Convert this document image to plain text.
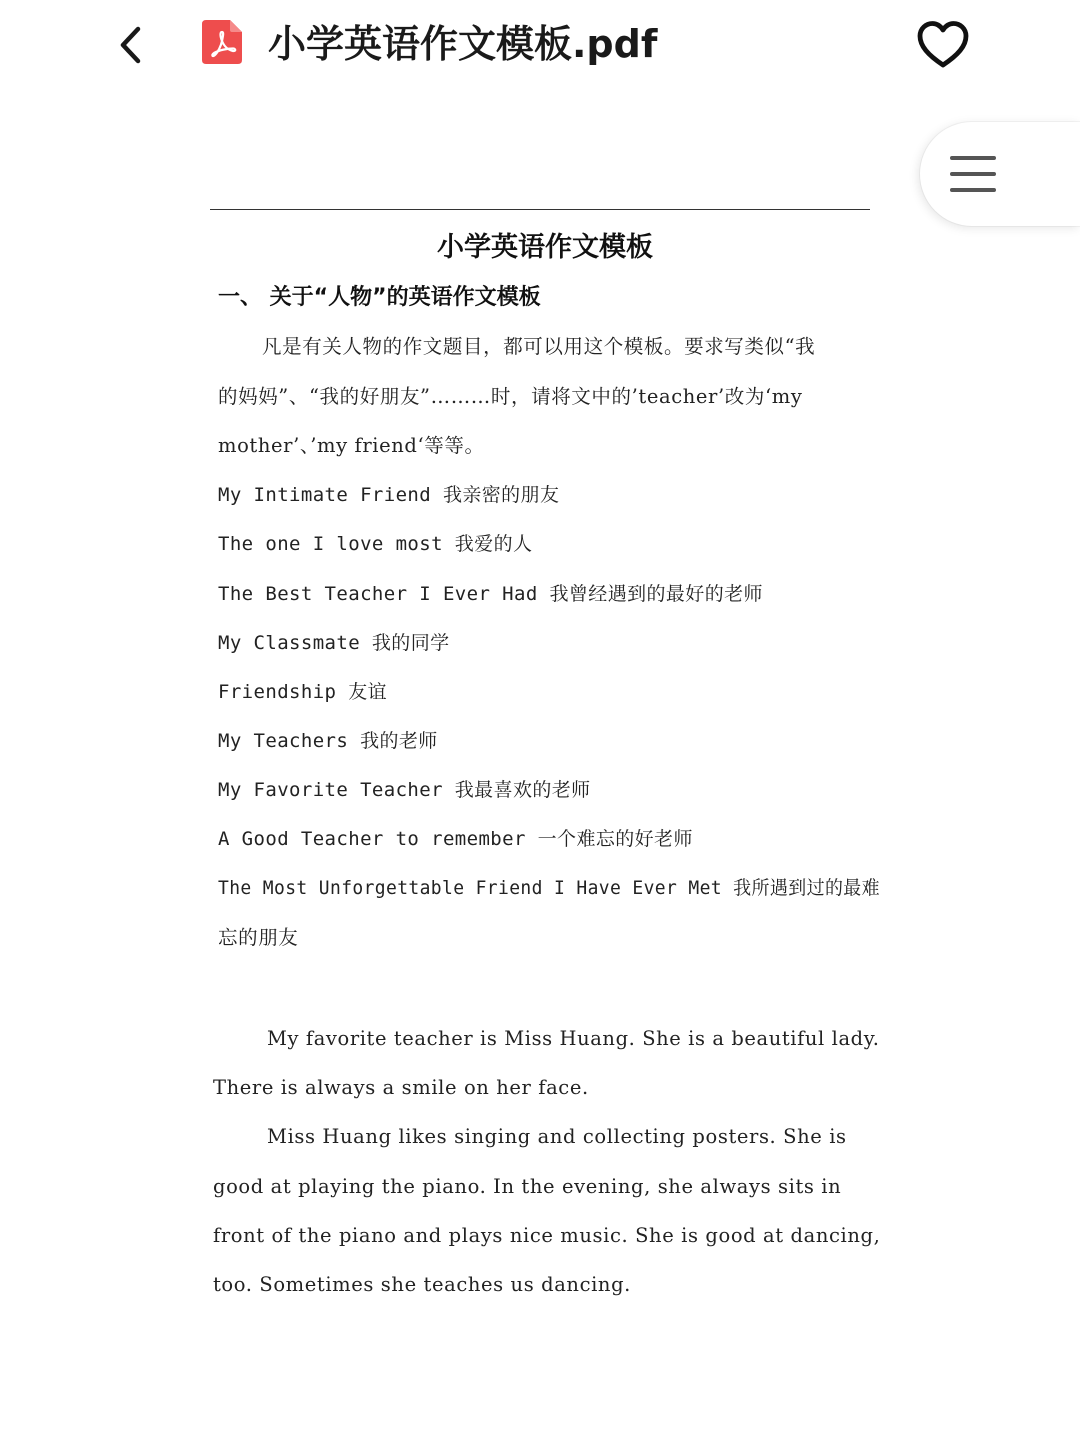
小学英语作文模板.pdf
小学英语作文模板
一、 关于“人物”的英语作文模板
凡是有关人物的作文题目，都可以用这个模板。要求写类似“我
的妈妈”、“我的好朋友”………时，请将文中的’teacher’改为‘my
mother’、’my friend‘等等。
My Intimate Friend 我亲密的朋友
The one I love most 我爱的人
The Best Teacher I Ever Had 我曾经遇到的最好的老师
My Classmate 我的同学
Friendship 友谊
My Teachers 我的老师
My Favorite Teacher 我最喜欢的老师
A Good Teacher to remember 一个难忘的好老师
The Most Unforgettable Friend I Have Ever Met 我所遇到过的最难
忘的朋友
My favorite teacher is Miss Huang. She is a beautiful lady.
There is always a smile on her face.
Miss Huang likes singing and collecting posters. She is
good at playing the piano. In the evening, she always sits in
front of the piano and plays nice music. She is good at dancing,
too. Sometimes she teaches us dancing.
